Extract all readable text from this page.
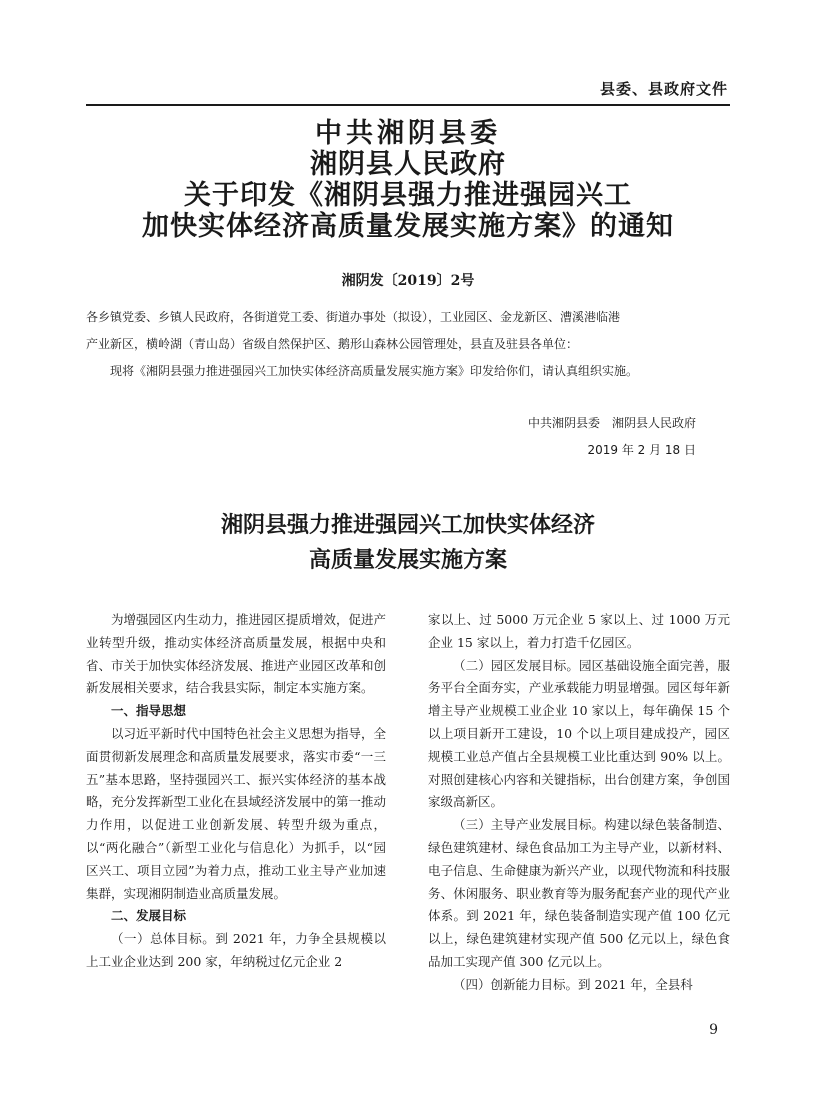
县委、县政府文件
中共湘阴县委
湘阴县人民政府
关于印发《湘阴县强力推进强园兴工
加快实体经济高质量发展实施方案》的通知
湘阴发〔2019〕2号

各乡镇党委、乡镇人民政府，各街道党工委、街道办事处（拟设），工业园区、金龙新区、漕溪港临港

产业新区，横岭湖（青山岛）省级自然保护区、鹅形山森林公园管理处，县直及驻县各单位：

现将《湘阴县强力推进强园兴工加快实体经济高质量发展实施方案》印发给你们，请认真组织实施。

中共湘阴县委　湘阴县人民政府
2019 年 2 月 18 日
湘阴县强力推进强园兴工加快实体经济
高质量发展实施方案

为增强园区内生动力，推进园区提质增效，促进产业转型升级，推动实体经济高质量发展，根据中央和省、市关于加快实体经济发展、推进产业园区改革和创新发展相关要求，结合我县实际，制定本实施方案。

一、指导思想

以习近平新时代中国特色社会主义思想为指导，全面贯彻新发展理念和高质量发展要求，落实市委“一三五”基本思路，坚持强园兴工、振兴实体经济的基本战略，充分发挥新型工业化在县域经济发展中的第一推动力作用，以促进工业创新发展、转型升级为重点，以“两化融合”（新型工业化与信息化）为抓手，以“园区兴工、项目立园”为着力点，推动工业主导产业加速集群，实现湘阴制造业高质量发展。

二、发展目标

（一）总体目标。到 2021 年，力争全县规模以上工业企业达到 200 家，年纳税过亿元企业 2

家以上、过 5000 万元企业 5 家以上、过 1000 万元企业 15 家以上，着力打造千亿园区。

（二）园区发展目标。园区基础设施全面完善，服务平台全面夯实，产业承载能力明显增强。园区每年新增主导产业规模工业企业 10 家以上，每年确保 15 个以上项目新开工建设，10 个以上项目建成投产，园区规模工业总产值占全县规模工业比重达到 90% 以上。对照创建核心内容和关键指标，出台创建方案，争创国家级高新区。

（三）主导产业发展目标。构建以绿色装备制造、绿色建筑建材、绿色食品加工为主导产业，以新材料、电子信息、生命健康为新兴产业，以现代物流和科技服务、休闲服务、职业教育等为服务配套产业的现代产业体系。到 2021 年，绿色装备制造实现产值 100 亿元以上，绿色建筑建材实现产值 500 亿元以上，绿色食品加工实现产值 300 亿元以上。

（四）创新能力目标。到 2021 年，全县科

9
